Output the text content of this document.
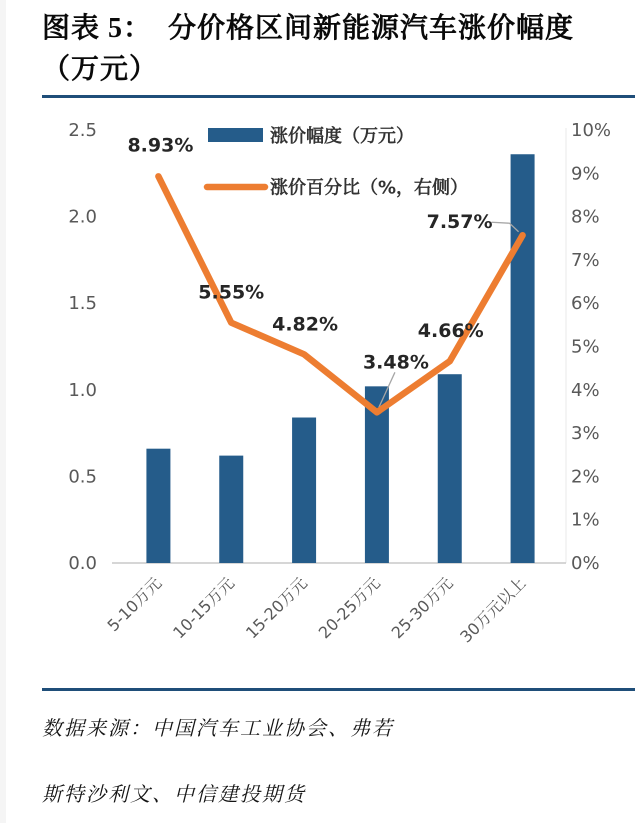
图表 5：  分价格区间新能源汽车涨价幅度
（万元）
2.5
2.0
1.5
1.0
0.5
0.0
10%
9%
8%
7%
6%
5%
4%
3%
2%
1%
0%
5-10万元 10-15万元 15-20万元 20-25万元 25-30万元 30万元以上
8.93%
5.55%
4.82%
3.48%
4.66%
7.57%
涨价幅度（万元）
涨价百分比（%，右侧）

数据来源：中国汽车工业协会、弗若

斯特沙利文、中信建投期货
